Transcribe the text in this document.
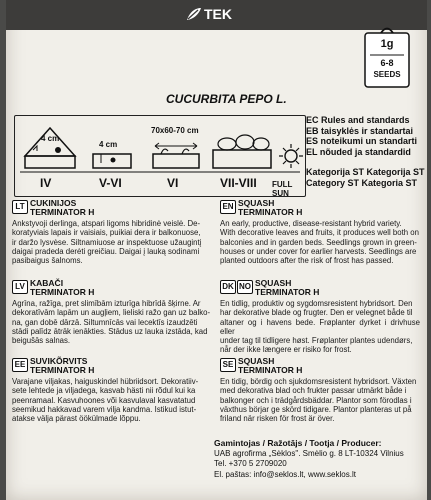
TEK
1g
6-8
SEEDS
CUCURBITA PEPO L.
4 cm
4 cm
70x60-70 cm
IV	V-VI	VI	VII-VIII FULL SUN
EC Rules and standards
EB taisyklės ir standartai
ES noteikumi un standarti
EL nõuded ja standardid
Kategorija ST Kategorija ST
Category ST Kategoria ST
LT CUKINIJOS
TERMINATOR H
Ankstyvoji derlinga, atspari ligoms hibridinė veislė. De-
koratyviais lapais ir vaisiais, puikiai dera ir balkonuose,
ir daržo lysvėse. Siltnamiuose ar inspektuose užaugintį
daigai pradeda derėti greičiau. Daigai į lauką sodinami
pasibaigus šalnoms.
EN SQUASH
TERMINATOR H
An early, productive, disease-resistant hybrid variety.
With decorative leaves and fruits, it produces well both on
balconies and in garden beds. Seedlings grown in green-
houses or under cover for earlier harvests. Seedlings are
planted outdoors after the risk of frost has passed.
LV KABAČI
TERMINATOR H
Agrīna, ražīga, pret slimībām izturīga hibrīdā šķirne. Ar
dekoratīvām lapām un augļiem, lieliski ražo gan uz balko-
na, gan dobē dārzā. Siltumnīcās vai lecektīs izaudzēti
stādi palīdz ātrāk ienākties. Stādus uz lauka izstāda, kad
beigušās salnas.
DK NO SQUASH
TERMINATOR H
En tidlig, produktiv og sygdomsresistent hybridsort. Den
har dekorative blade og frugter. Den er velegnet både til
altaner og i havens bede. Frøplanter dyrket i drivhuse eller
under tag til tidligere høst. Frøplanter plantes udendørs,
når der ikke længere er risiko for frost.
EE SUVIKÕRVITS
TERMINATOR H
Varajane viljakas, haiguskindel hübriidsort. Dekoratiiv-
sete lehtede ja viljadega, kasvab hästi nii rõdul kui ka
peenramaal. Kasvuhoones või kasvulaval kasvatatud
seemikud hakkavad varem vilja kandma. Istikud istut-
atakse välja pärast öökülmade lõppu.
SE SQUASH
TERMINATOR H
En tidig, bördig och sjukdomsresistent hybridsort. Växten
med dekorativa blad och frukter passar utmärkt både i
balkonger och i trädgårdsbäddar. Plantor som förodlas i
växthus börjar ge skörd tidigare. Plantor planteras ut på
friland när risken för frost är över.
Gamintojas / Ražotājs / Tootja / Producer:
UAB agrofirma „Sėklos". Smėlio g. 8 LT-10324 Vilnius
Tel. +370 5 2709020
El. paštas: info@seklos.lt, www.seklos.lt
